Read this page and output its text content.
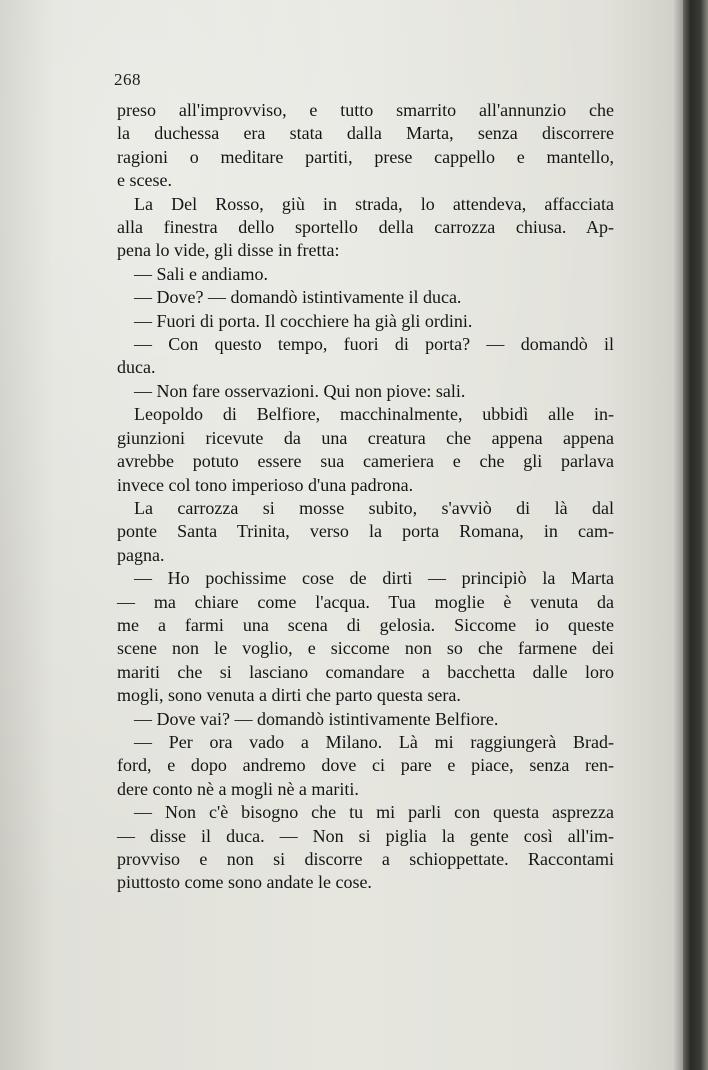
268
preso all'improvviso, e tutto smarrito all'annunzio che
la duchessa era stata dalla Marta, senza discorrere
ragioni o meditare partiti, prese cappello e mantello,
e scese.
La Del Rosso, giù in strada, lo attendeva, affacciata
alla finestra dello sportello della carrozza chiusa. Ap-
pena lo vide, gli disse in fretta:
— Sali e andiamo.
— Dove? — domandò istintivamente il duca.
— Fuori di porta. Il cocchiere ha già gli ordini.
— Con questo tempo, fuori di porta? — domandò il
duca.
— Non fare osservazioni. Qui non piove: sali.
Leopoldo di Belfiore, macchinalmente, ubbidì alle in-
giunzioni ricevute da una creatura che appena appena
avrebbe potuto essere sua cameriera e che gli parlava
invece col tono imperioso d'una padrona.
La carrozza si mosse subito, s'avviò di là dal
ponte Santa Trinita, verso la porta Romana, in cam-
pagna.
— Ho pochissime cose de dirti — principiò la Marta
— ma chiare come l'acqua. Tua moglie è venuta da
me a farmi una scena di gelosia. Siccome io queste
scene non le voglio, e siccome non so che farmene dei
mariti che si lasciano comandare a bacchetta dalle loro
mogli, sono venuta a dirti che parto questa sera.
— Dove vai? — domandò istintivamente Belfiore.
— Per ora vado a Milano. Là mi raggiungerà Brad-
ford, e dopo andremo dove ci pare e piace, senza ren-
dere conto nè a mogli nè a mariti.
— Non c'è bisogno che tu mi parli con questa asprezza
— disse il duca. — Non si piglia la gente così all'im-
provviso e non si discorre a schioppettate. Raccontami
piuttosto come sono andate le cose.
